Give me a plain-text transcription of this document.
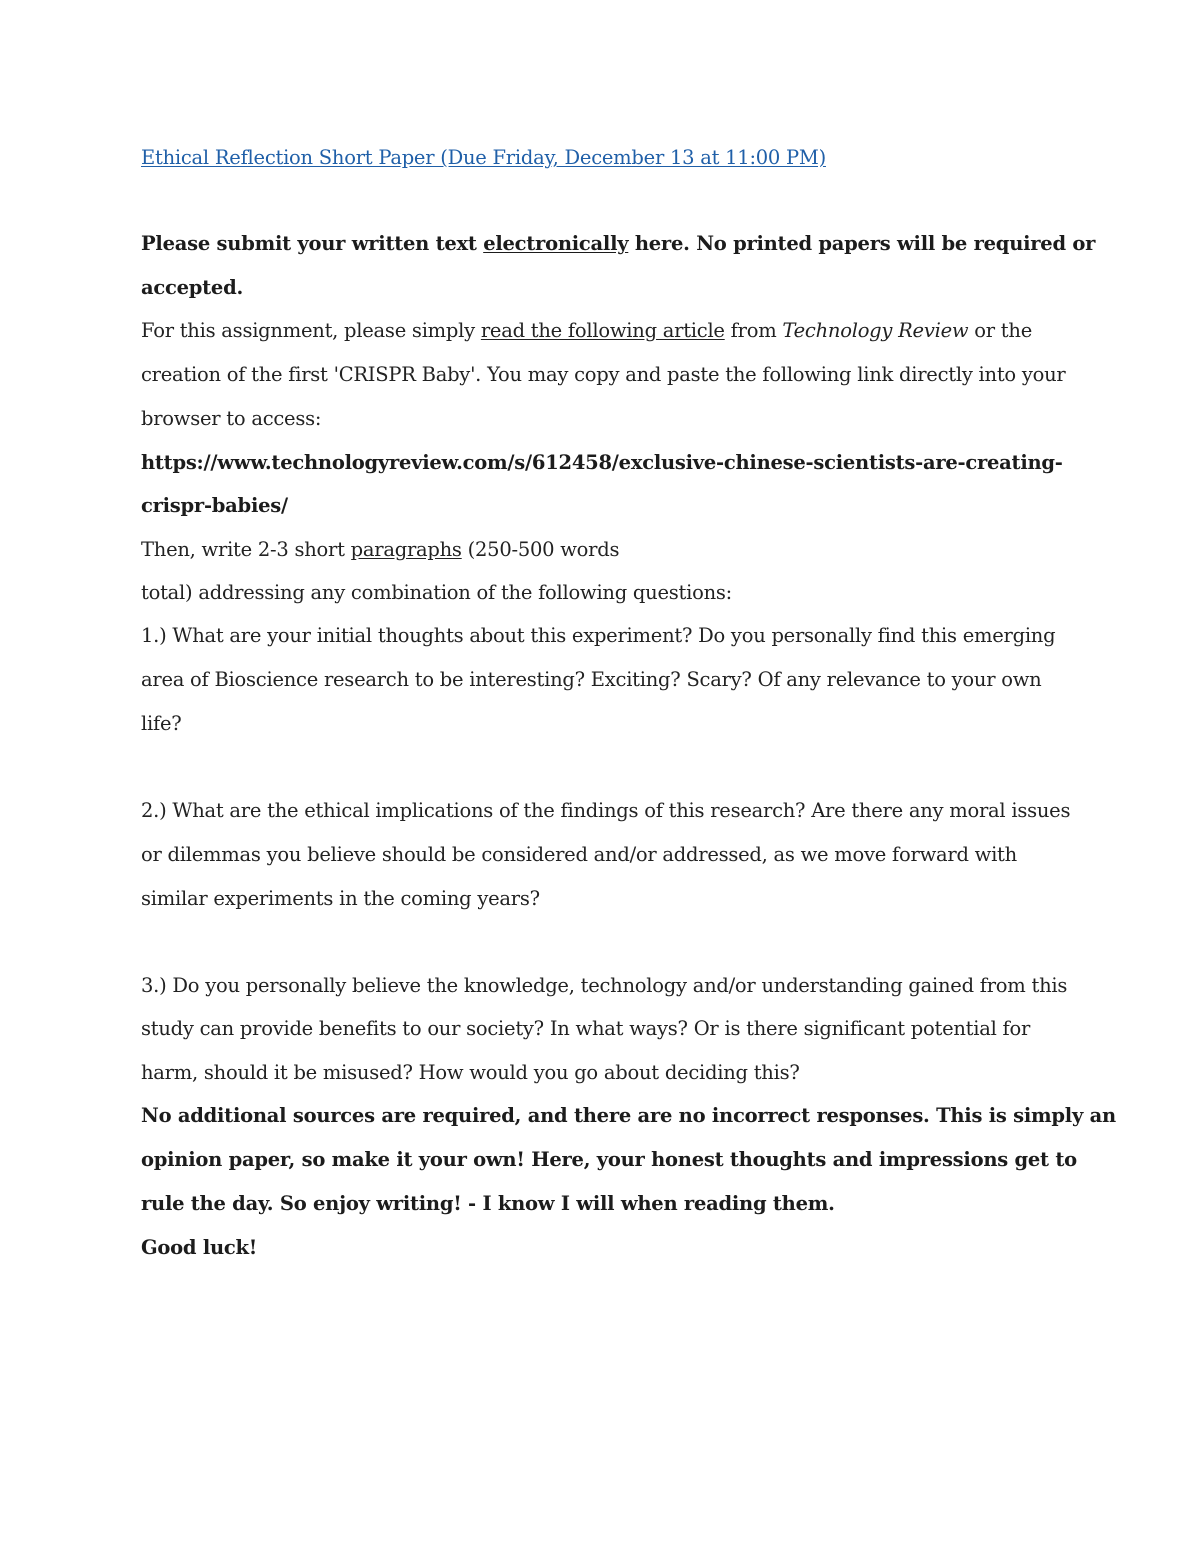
Ethical Reflection Short Paper (Due Friday, December 13 at 11:00 PM)
Please submit your written text electronically here. No printed papers will be required or
accepted.
For this assignment, please simply read the following article from Technology Review or the
creation of the first 'CRISPR Baby'. You may copy and paste the following link directly into your
browser to access:
https://www.technologyreview.com/s/612458/exclusive-chinese-scientists-are-creating-
crispr-babies/
Then, write 2-3 short paragraphs (250-500 words
total) addressing any combination of the following questions:
1.) What are your initial thoughts about this experiment? Do you personally find this emerging
area of Bioscience research to be interesting? Exciting? Scary? Of any relevance to your own
life?
2.) What are the ethical implications of the findings of this research? Are there any moral issues
or dilemmas you believe should be considered and/or addressed, as we move forward with
similar experiments in the coming years?
3.) Do you personally believe the knowledge, technology and/or understanding gained from this
study can provide benefits to our society? In what ways? Or is there significant potential for
harm, should it be misused? How would you go about deciding this?
No additional sources are required, and there are no incorrect responses. This is simply an
opinion paper, so make it your own! Here, your honest thoughts and impressions get to
rule the day. So enjoy writing! - I know I will when reading them.
Good luck!
